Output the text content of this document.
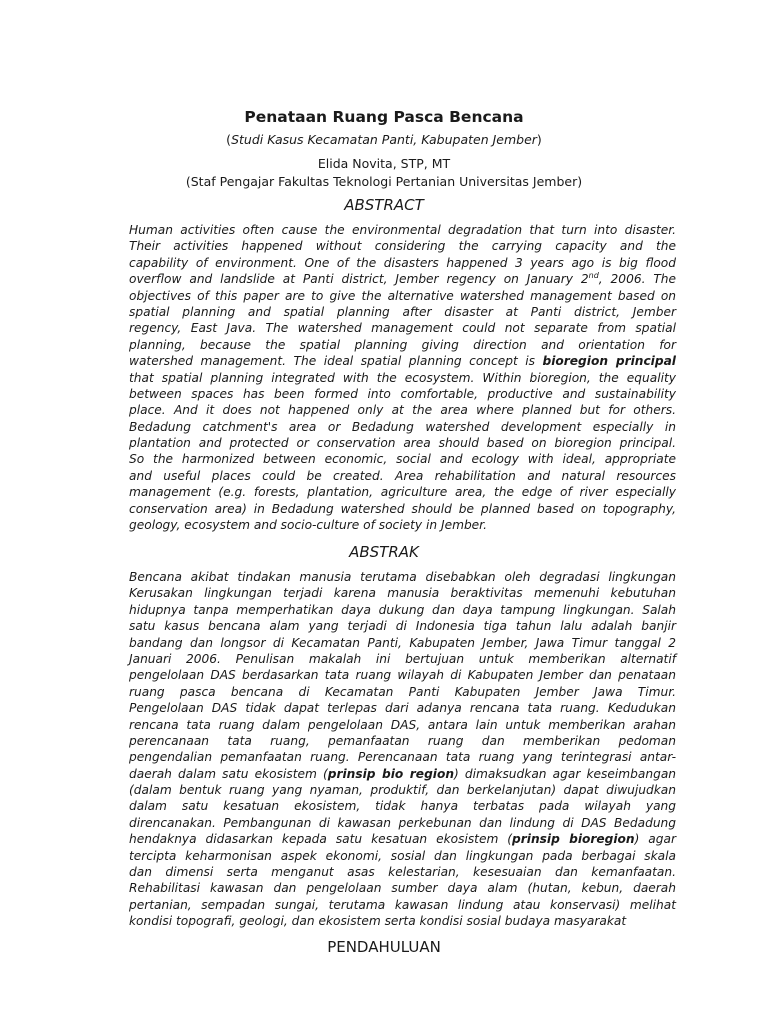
Penataan Ruang Pasca Bencana
(Studi Kasus Kecamatan Panti, Kabupaten Jember)
Elida Novita, STP, MT
(Staf Pengajar Fakultas Teknologi Pertanian Universitas Jember)
ABSTRACT
Human activities often cause the environmental degradation that turn into disaster.
Their activities happened without considering the carrying capacity and the
capability of environment. One of the disasters happened 3 years ago is big flood
overflow and landslide at Panti district, Jember regency on January 2nd, 2006. The
objectives of this paper are to give the alternative watershed management based on
spatial planning and spatial planning after disaster at Panti district, Jember
regency, East Java. The watershed management could not separate from spatial
planning, because the spatial planning giving direction and orientation for
watershed management. The ideal spatial planning concept is bioregion principal
that spatial planning integrated with the ecosystem. Within bioregion, the equality
between spaces has been formed into comfortable, productive and sustainability
place. And it does not happened only at the area where planned but for others.
Bedadung catchment's area or Bedadung watershed development especially in
plantation and protected or conservation area should based on bioregion principal.
So the harmonized between economic, social and ecology with ideal, appropriate
and useful places could be created. Area rehabilitation and natural resources
management (e.g. forests, plantation, agriculture area, the edge of river especially
conservation area) in Bedadung watershed should be planned based on topography,
geology, ecosystem and socio-culture of society in Jember.
ABSTRAK
Bencana akibat tindakan manusia terutama disebabkan oleh degradasi lingkungan
Kerusakan lingkungan terjadi karena manusia beraktivitas memenuhi kebutuhan
hidupnya tanpa memperhatikan daya dukung dan daya tampung lingkungan. Salah
satu kasus bencana alam yang terjadi di Indonesia tiga tahun lalu adalah banjir
bandang dan longsor di Kecamatan Panti, Kabupaten Jember, Jawa Timur tanggal 2
Januari 2006. Penulisan makalah ini bertujuan untuk memberikan alternatif
pengelolaan DAS berdasarkan tata ruang wilayah di Kabupaten Jember dan penataan
ruang pasca bencana di Kecamatan Panti Kabupaten Jember Jawa Timur.
Pengelolaan DAS tidak dapat terlepas dari adanya rencana tata ruang. Kedudukan
rencana tata ruang dalam pengelolaan DAS, antara lain untuk memberikan arahan
perencanaan tata ruang, pemanfaatan ruang dan memberikan pedoman
pengendalian pemanfaatan ruang. Perencanaan tata ruang yang terintegrasi antar-
daerah dalam satu ekosistem (prinsip bio region) dimaksudkan agar keseimbangan
(dalam bentuk ruang yang nyaman, produktif, dan berkelanjutan) dapat diwujudkan
dalam satu kesatuan ekosistem, tidak hanya terbatas pada wilayah yang
direncanakan. Pembangunan di kawasan perkebunan dan lindung di DAS Bedadung
hendaknya didasarkan kepada satu kesatuan ekosistem (prinsip bioregion) agar
tercipta keharmonisan aspek ekonomi, sosial dan lingkungan pada berbagai skala
dan dimensi serta menganut asas kelestarian, kesesuaian dan kemanfaatan.
Rehabilitasi kawasan dan pengelolaan sumber daya alam (hutan, kebun, daerah
pertanian, sempadan sungai, terutama kawasan lindung atau konservasi) melihat
kondisi topografi, geologi, dan ekosistem serta kondisi sosial budaya masyarakat
PENDAHULUAN
